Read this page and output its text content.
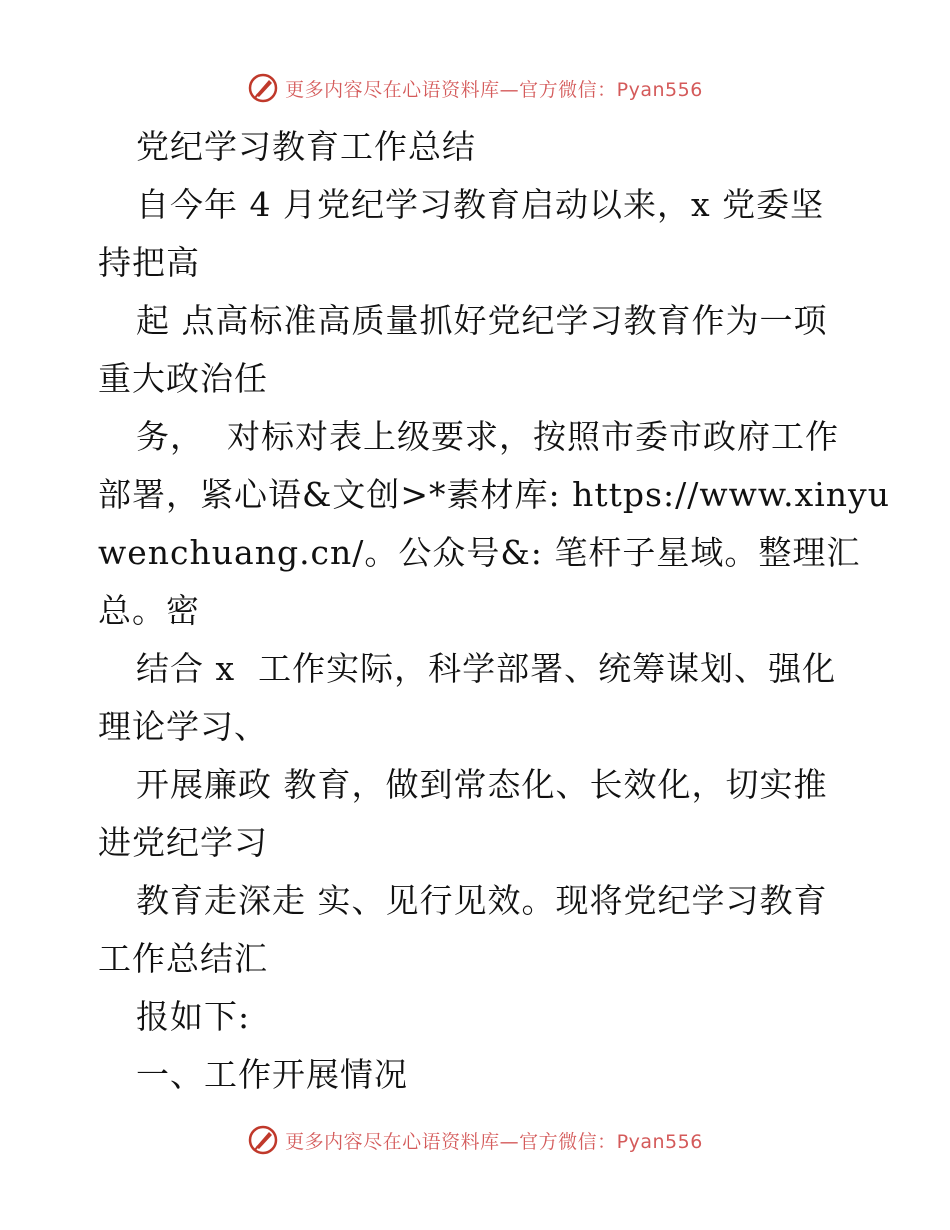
更多内容尽在心语资料库—官方微信：Pyan556
党纪学习教育工作总结
自今年 4 月党纪学习教育启动以来，x 党委坚
持把高
起 点高标准高质量抓好党纪学习教育作为一项
重大政治任
务，  对标对表上级要求，按照市委市政府工作
部署，紧心语&文创>*素材库: https://www.xinyu
wenchuang.cn/。公众号&: 笔杆子星域。整理汇
总。密
结合 x  工作实际，科学部署、统筹谋划、强化
理论学习、
开展廉政 教育，做到常态化、长效化，切实推
进党纪学习
教育走深走 实、见行见效。现将党纪学习教育
工作总结汇
报如下:
一、工作开展情况
更多内容尽在心语资料库—官方微信：Pyan556
